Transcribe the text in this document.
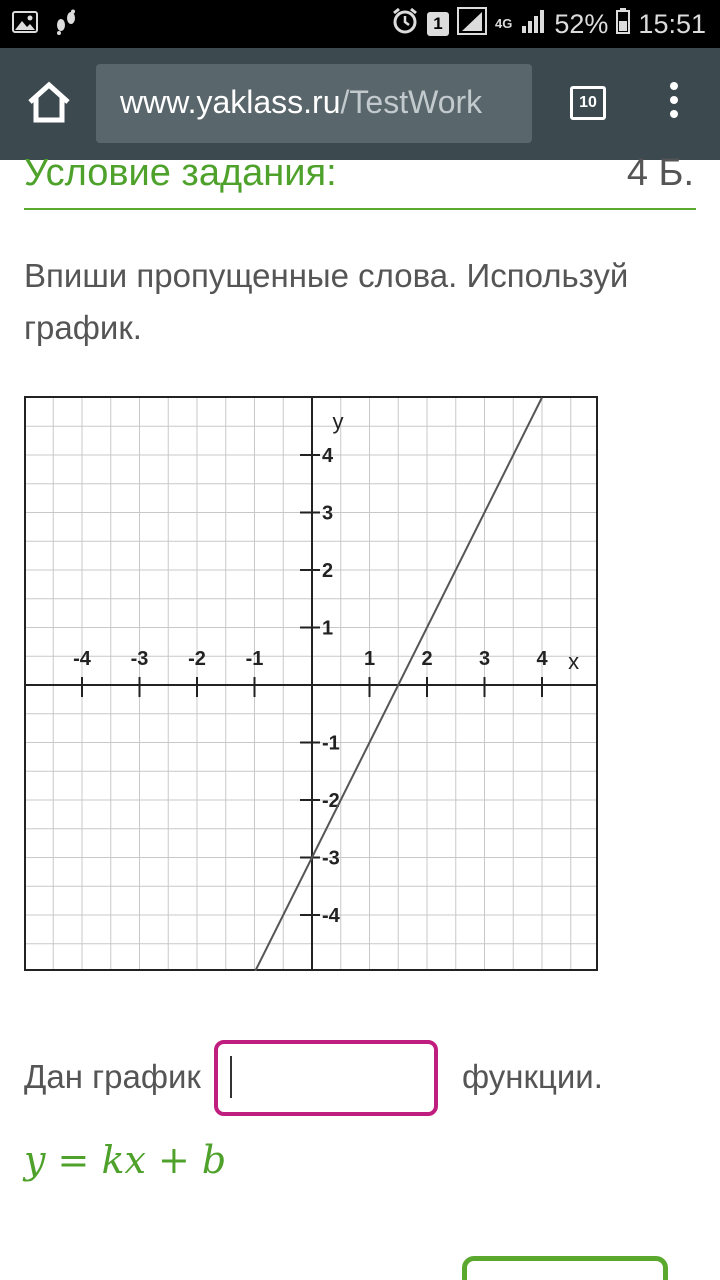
1	4G 52% 15:51
www.yaklass.ru/TestWork	10
Условие задания:	4 Б.
Впиши пропущенные слова. Используй график.
-4 -3 -2 -1	1 2 3 4
4
3
2
1
-1
-2
-3
-4
x
y
Дан график	функции.
y = kx + b
